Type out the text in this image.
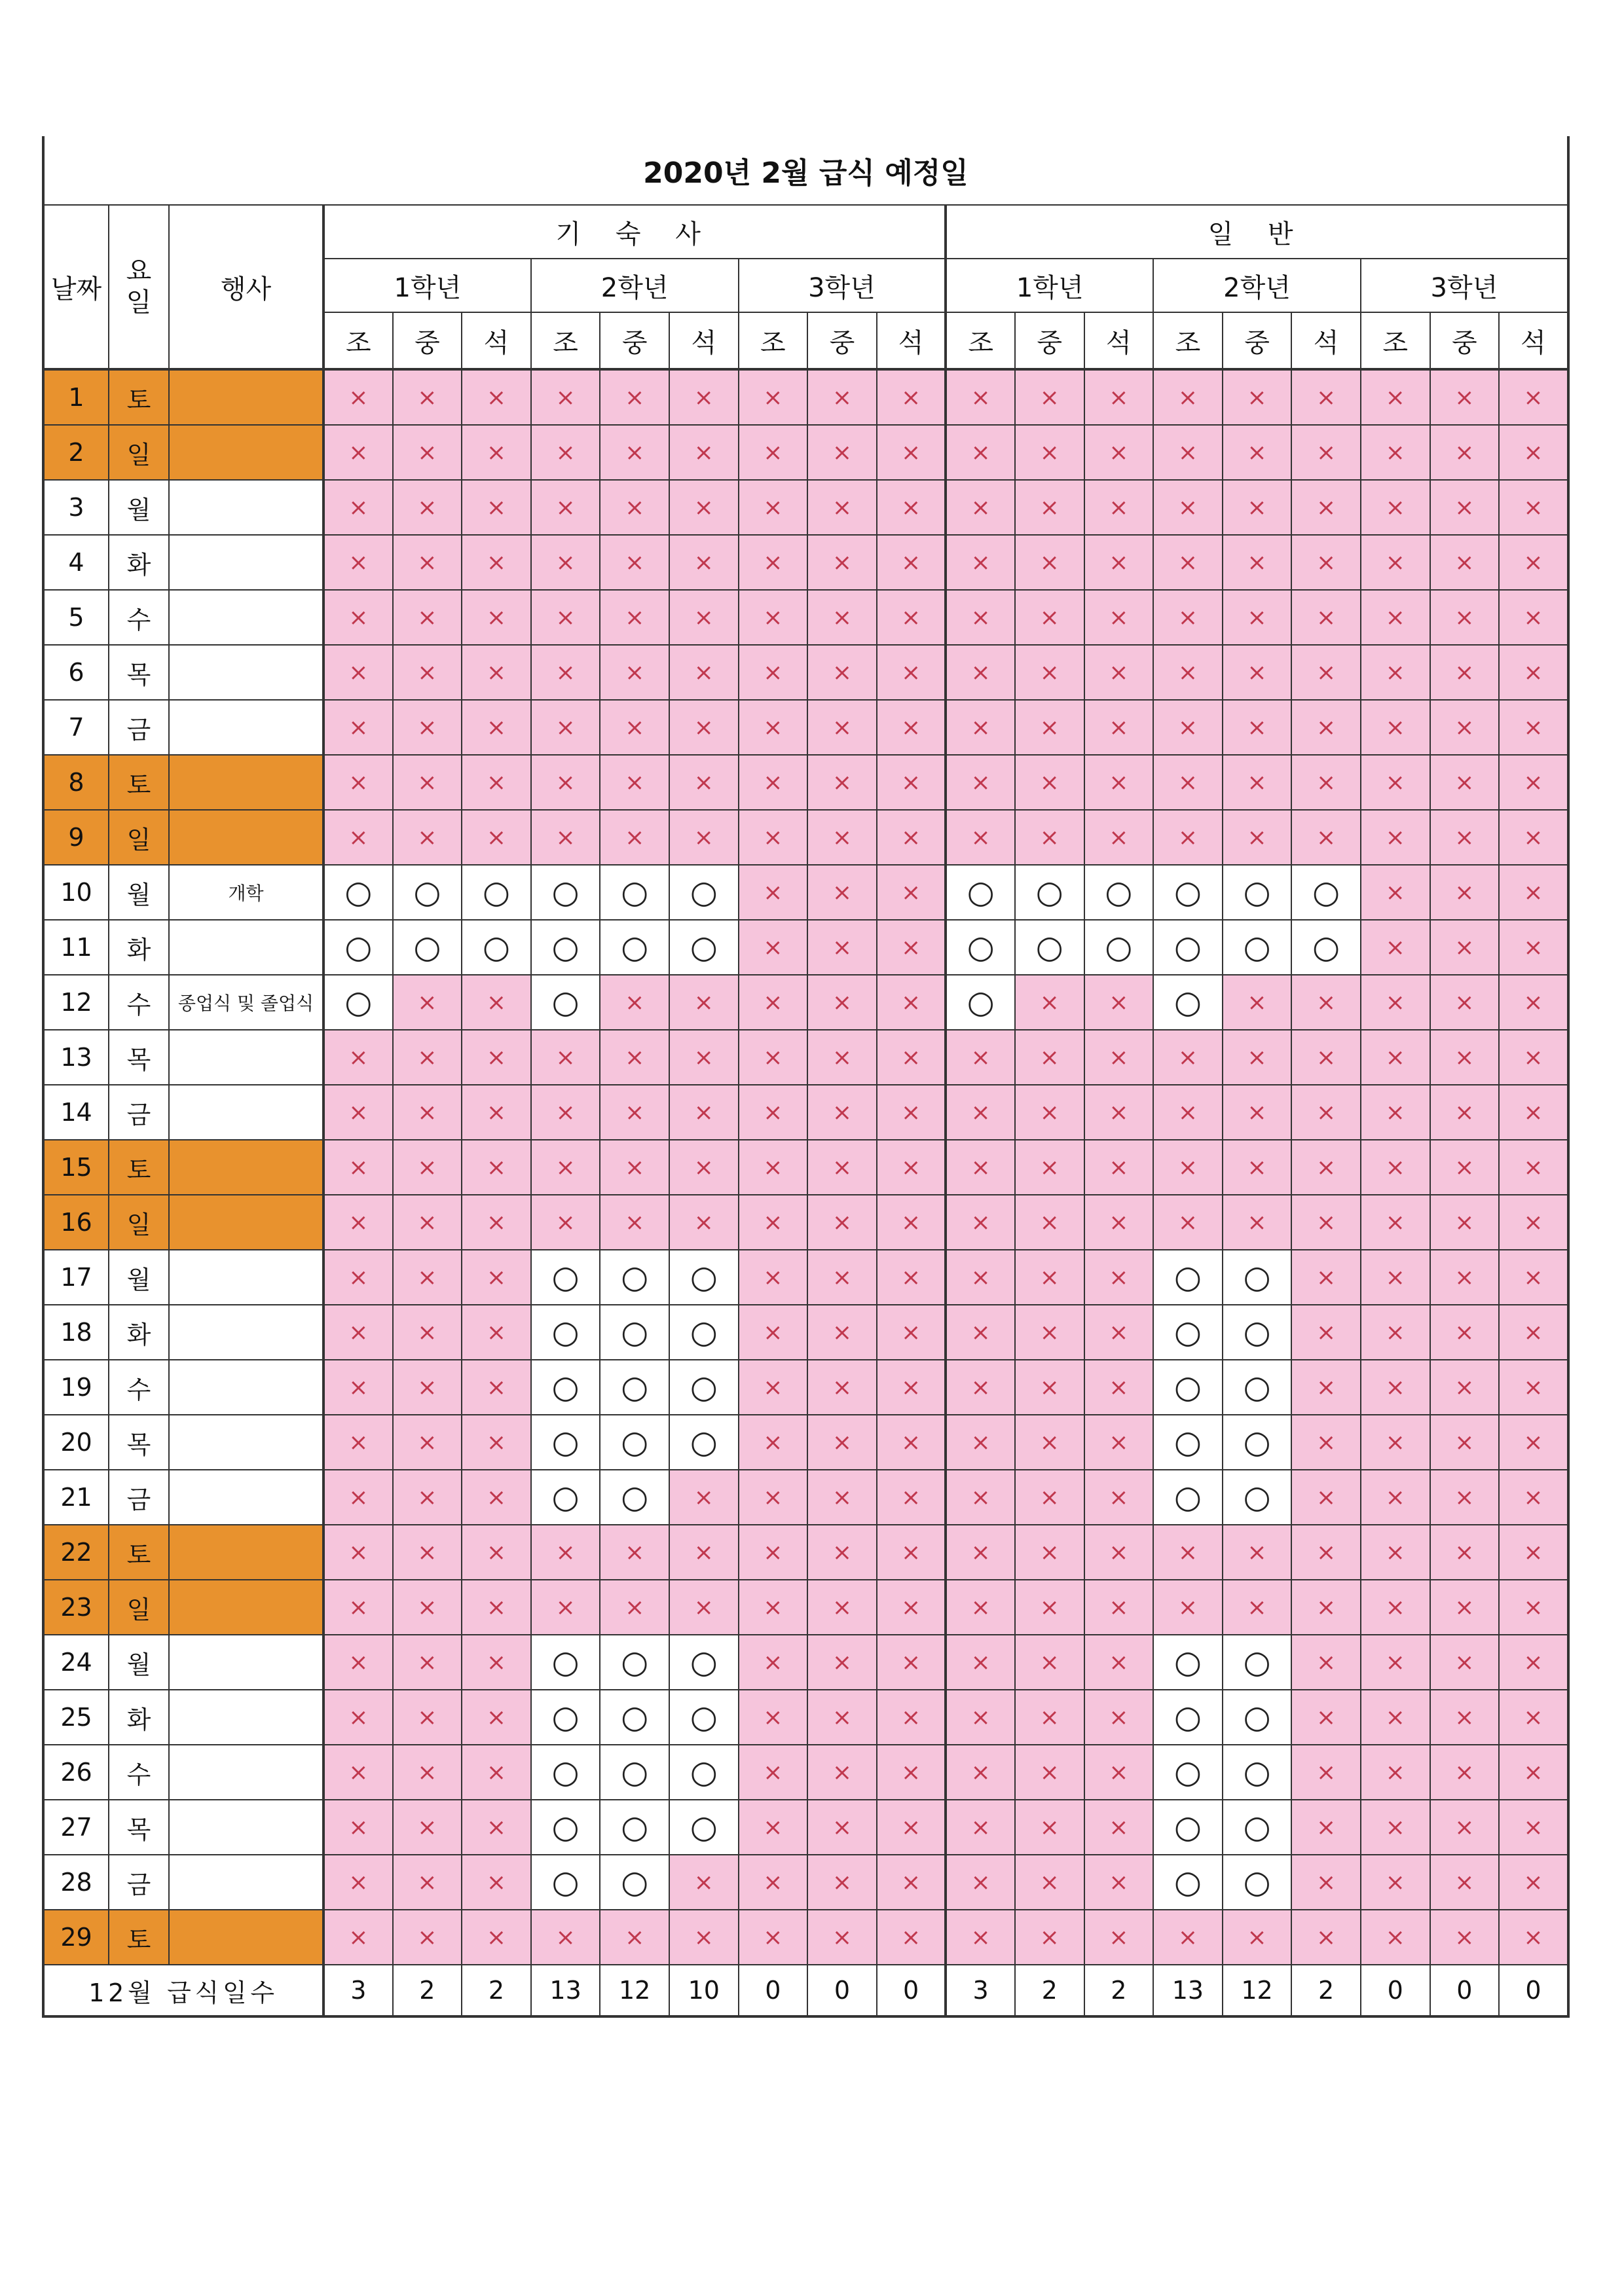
2020년 2월 급식 예정일																				
날짜	요일	행사	기 숙 사									일 반								
			1학년			2학년			3학년			1학년			2학년			3학년		
			조	중	석	조	중	석	조	중	석	조	중	석	조	중	석	조	중	석
1	토		×	×	×	×	×	×	×	×	×	×	×	×	×	×	×	×	×	×
2	일		×	×	×	×	×	×	×	×	×	×	×	×	×	×	×	×	×	×
3	월		×	×	×	×	×	×	×	×	×	×	×	×	×	×	×	×	×	×
4	화		×	×	×	×	×	×	×	×	×	×	×	×	×	×	×	×	×	×
5	수		×	×	×	×	×	×	×	×	×	×	×	×	×	×	×	×	×	×
6	목		×	×	×	×	×	×	×	×	×	×	×	×	×	×	×	×	×	×
7	금		×	×	×	×	×	×	×	×	×	×	×	×	×	×	×	×	×	×
8	토		×	×	×	×	×	×	×	×	×	×	×	×	×	×	×	×	×	×
9	일		×	×	×	×	×	×	×	×	×	×	×	×	×	×	×	×	×	×
10	월	개학	○	○	○	○	○	○	×	×	×	○	○	○	○	○	○	×	×	×
11	화		○	○	○	○	○	○	×	×	×	○	○	○	○	○	○	×	×	×
12	수	종업식 및 졸업식	○	×	×	○	×	×	×	×	×	○	×	×	○	×	×	×	×	×
13	목		×	×	×	×	×	×	×	×	×	×	×	×	×	×	×	×	×	×
14	금		×	×	×	×	×	×	×	×	×	×	×	×	×	×	×	×	×	×
15	토		×	×	×	×	×	×	×	×	×	×	×	×	×	×	×	×	×	×
16	일		×	×	×	×	×	×	×	×	×	×	×	×	×	×	×	×	×	×
17	월		×	×	×	○	○	○	×	×	×	×	×	×	○	○	×	×	×	×
18	화		×	×	×	○	○	○	×	×	×	×	×	×	○	○	×	×	×	×
19	수		×	×	×	○	○	○	×	×	×	×	×	×	○	○	×	×	×	×
20	목		×	×	×	○	○	○	×	×	×	×	×	×	○	○	×	×	×	×
21	금		×	×	×	○	○	×	×	×	×	×	×	×	○	○	×	×	×	×
22	토		×	×	×	×	×	×	×	×	×	×	×	×	×	×	×	×	×	×
23	일		×	×	×	×	×	×	×	×	×	×	×	×	×	×	×	×	×	×
24	월		×	×	×	○	○	○	×	×	×	×	×	×	○	○	×	×	×	×
25	화		×	×	×	○	○	○	×	×	×	×	×	×	○	○	×	×	×	×
26	수		×	×	×	○	○	○	×	×	×	×	×	×	○	○	×	×	×	×
27	목		×	×	×	○	○	○	×	×	×	×	×	×	○	○	×	×	×	×
28	금		×	×	×	○	○	×	×	×	×	×	×	×	○	○	×	×	×	×
29	토		×	×	×	×	×	×	×	×	×	×	×	×	×	×	×	×	×	×
12월 급식일수			3	2	2	13	12	10	0	0	0	3	2	2	13	12	2	0	0	0
